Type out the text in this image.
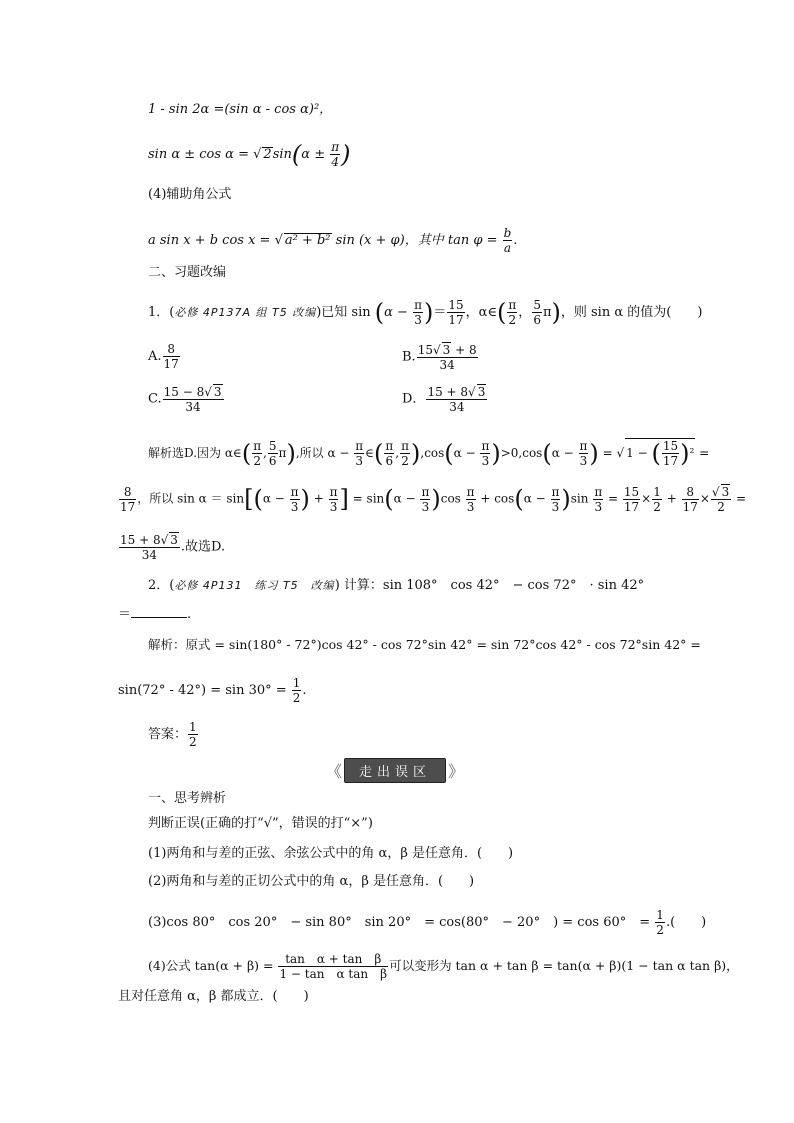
1 - sin 2α =(sin α - cos α)²，
sin α ± cos α = √ $2\sin(\alpha \pm \frac{\pi}{4}$ )
(4)辅助角公式
a sin x + b cos x = √ a² + b² sin (x + φ)，其中 $\tan \varphi = \frac{b}{a}$ .
二、习题改编
1．(必修 4P137A 组 T5 改编)已知 $\sin (\alpha - \frac{\pi}{3}$ )＝ $\frac{15}{17}$ ，α∈( $\frac{\pi}{2}$ ， $\frac{5}{6} \pi$)，则 sin α 的值为(　　)
A. $\frac{8}{17}$	B. $\frac{15√ 3 + 8}{34}$
C. $\frac{15 - 8√ 3}{34}$	D． $\frac{15 + 8√ 3}{34}$
解析选D.因为 α∈( $\frac{\pi}{2}$ , $\frac{5}{6} \pi$),所以 $\alpha - \frac{\pi}{3}$ ∈( $\frac{\pi}{6}$ , $\frac{\pi}{2} ),\cos(\alpha - \frac{\pi}{3} )>0,\cos(\alpha - \frac{\pi}{3}$ ) = √ 1 − ( $\frac{15}{17} )^2$ =
$\frac{8}{17}$ ，所以 $\sin \alpha = \sin[(\alpha - \frac{\pi}{3}$ ) + $\frac{\pi}{3}$ ] = $\sin(\alpha - \frac{\pi}{3} )\cos \frac{\pi}{3} + \cos(\alpha - \frac{\pi}{3} )\sin \frac{\pi}{3} = \frac{15}{17} \times \frac{1}{2} + \frac{8}{17} \times \frac{√ 3}{2}$ =
$\frac{15 + 8√ 3}{34}$ .故选D.
2．(必修 4P131　练习 T5　改编) 计算：sin 108°　cos 42°　− cos 72°　· sin 42°
＝	.
解析：原式 = sin(180° - 72°)cos 42° - cos 72°sin 42° = sin 72°cos 42° - cos 72°sin 42° =
$\sin(72^\circ - 42^\circ) = \sin 30^\circ = \frac{1}{2}$ .
答案： $\frac{1}{2}$
《	走出误区	》
一、思考辨析
判断正误(正确的打“√”，错误的打“×”)
(1)两角和与差的正弦、余弦公式中的角 α，β 是任意角．(　　)
(2)两角和与差的正切公式中的角 α，β 是任意角．(　　)
(3)cos 80°　cos 20°　− sin 80°　sin 20°　= cos(80°　− 20°　) = cos 60°　= $\frac{1}{2}$ .(　　)
(4)公式 $\tan(\alpha + \beta) = \frac{\text{tan　α + tan　β}}{\text{1 − tan　α tan　β}}$ 可以变形为 tan α + tan β = tan(α + β)(1 − tan α tan β)，
且对任意角 α，β 都成立．(　　)
